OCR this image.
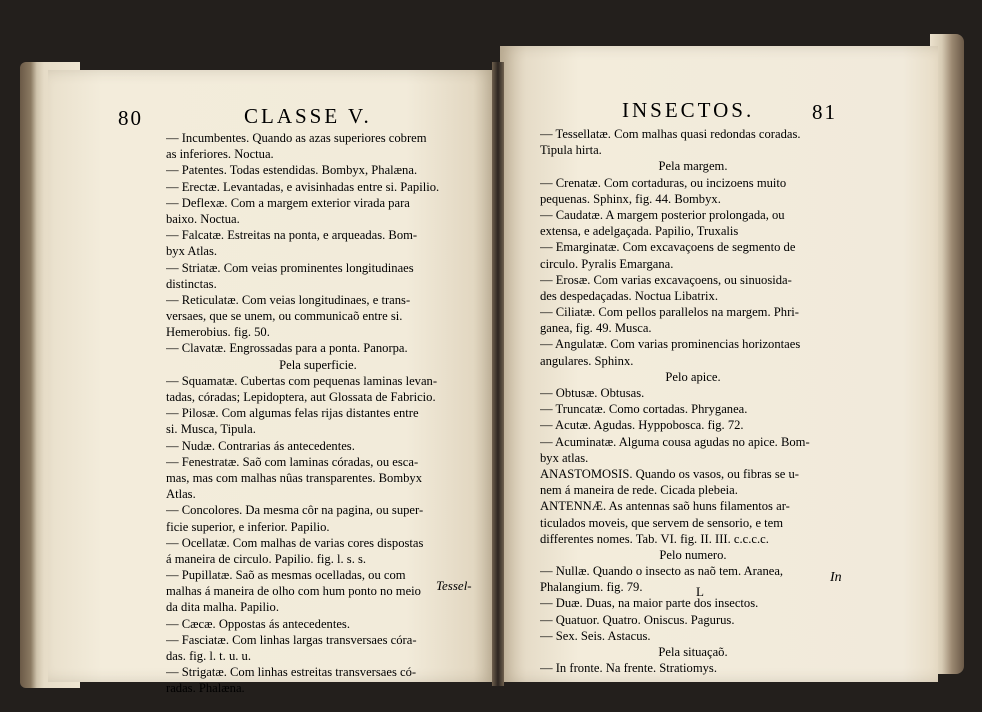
80	CLASSE V.	INSECTOS.	81
— Incumbentes. Quando as azas superiores cobrem
as inferiores. Noctua.
— Patentes. Todas estendidas. Bombyx, Phalæna.
— Erectæ. Levantadas, e avisinhadas entre si. Papilio.
— Deflexæ. Com a margem exterior virada para
baixo. Noctua.
— Falcatæ. Estreitas na ponta, e arqueadas. Bom-
byx Atlas.
— Striatæ. Com veias prominentes longitudinaes
distinctas.
— Reticulatæ. Com veias longitudinaes, e trans-
versaes, que se unem, ou communicaõ entre si.
Hemerobius. fig. 50.
— Clavatæ. Engrossadas para a ponta. Panorpa.
Pela superficie.
— Squamatæ. Cubertas com pequenas laminas levan-
tadas, córadas; Lepidoptera, aut Glossata de Fabricio.
— Pilosæ. Com algumas felas rijas distantes entre
si. Musca, Tipula.
— Nudæ. Contrarias ás antecedentes.
— Fenestratæ. Saõ com laminas córadas, ou esca-
mas, mas com malhas nûas transparentes. Bombyx
Atlas.
— Concolores. Da mesma côr na pagina, ou super-
ficie superior, e inferior. Papilio.
— Ocellatæ. Com malhas de varias cores dispostas
á maneira de circulo. Papilio. fig. l. s. s.
— Pupillatæ. Saõ as mesmas ocelladas, ou com
malhas á maneira de olho com hum ponto no meio
da dita malha. Papilio.
— Cæcæ. Oppostas ás antecedentes.
— Fasciatæ. Com linhas largas transversaes córa-
das. fig. l. t. u. u.
— Strigatæ. Com linhas estreitas transversaes có-
radas. Phalæna.
Tessel-
— Tessellatæ. Com malhas quasi redondas coradas.
Tipula hirta.
Pela margem.
— Crenatæ. Com cortaduras, ou incizoens muito
pequenas. Sphinx, fig. 44. Bombyx.
— Caudatæ. A margem posterior prolongada, ou
extensa, e adelgaçada. Papilio, Truxalis
— Emarginatæ. Com excavaçoens de segmento de
circulo. Pyralis Emargana.
— Erosæ. Com varias excavaçoens, ou sinuosida-
des despedaçadas. Noctua Libatrix.
— Ciliatæ. Com pellos parallelos na margem. Phri-
ganea, fig. 49. Musca.
— Angulatæ. Com varias prominencias horizontaes
angulares. Sphinx.
Pelo apice.
— Obtusæ. Obtusas.
— Truncatæ. Como cortadas. Phryganea.
— Acutæ. Agudas. Hyppobosca. fig. 72.
— Acuminatæ. Alguma cousa agudas no apice. Bom-
byx atlas.
ANASTOMOSIS. Quando os vasos, ou fibras se u-
nem á maneira de rede. Cicada plebeia.
ANTENNÆ. As antennas saõ huns filamentos ar-
ticulados moveis, que servem de sensorio, e tem
differentes nomes. Tab. VI. fig. II. III. c.c.c.c.
Pelo numero.
— Nullæ. Quando o insecto as naõ tem. Aranea,
Phalangium. fig. 79.
— Duæ. Duas, na maior parte dos insectos.
— Quatuor. Quatro. Oniscus. Pagurus.
— Sex. Seis. Astacus.
Pela situaçaõ.
— In fronte. Na frente. Stratiomys.
L
In
